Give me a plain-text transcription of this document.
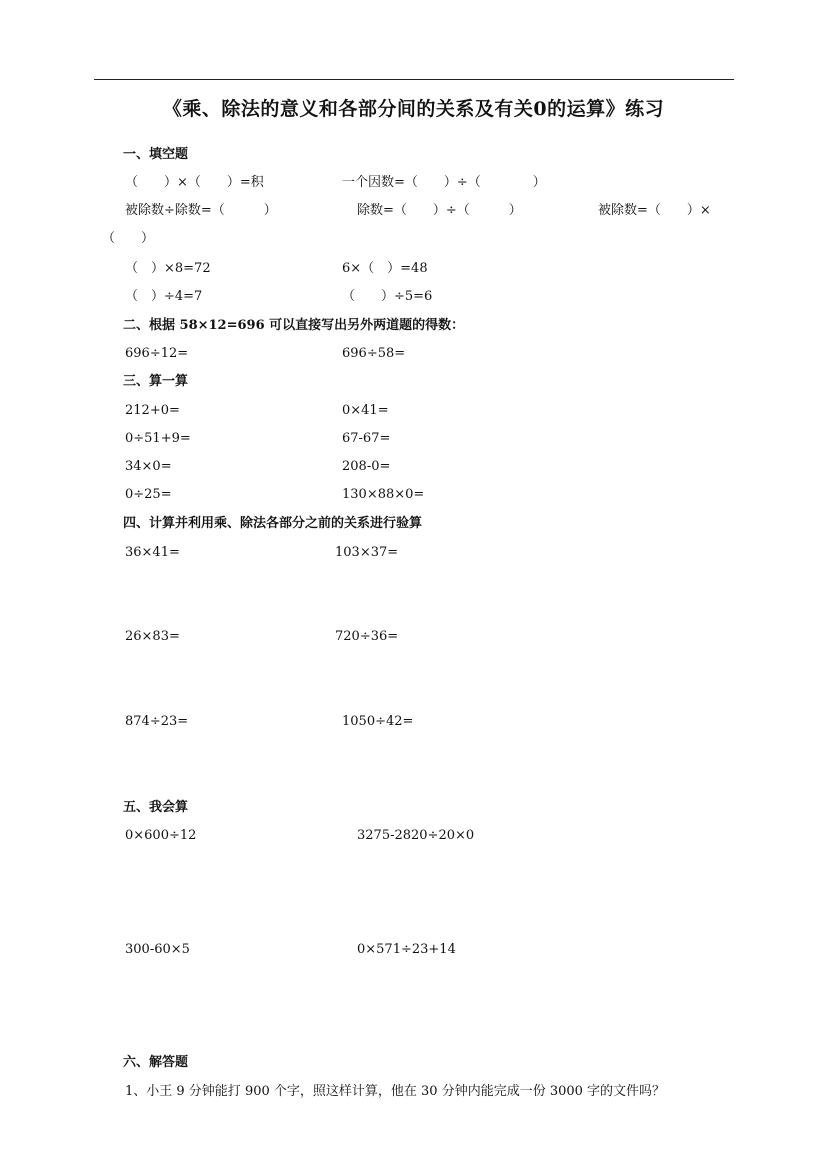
《乘、除法的意义和各部分间的关系及有关0的运算》练习
一、填空题
（　　）×（　　）=积	一个因数=（　　）÷（　　　　）
被除数÷除数=（　　　）	除数=（　　）÷（　　　）	被除数=（　　）×
（　　）
（　）×8=72	6×（　）=48
（　）÷4=7	（　　）÷5=6
二、根据 58×12=696 可以直接写出另外两道题的得数：
696÷12=	696÷58=
三、算一算
212+0=	0×41=
0÷51+9=	67-67=
34×0=	208-0=
0÷25=	130×88×0=
四、计算并利用乘、除法各部分之前的关系进行验算
36×41=	103×37=
26×83=	720÷36=
874÷23=	1050÷42=
五、我会算
0×600÷12	3275-2820÷20×0
300-60×5	0×571÷23+14
六、解答题
1、小王 9 分钟能打 900 个字，照这样计算，他在 30 分钟内能完成一份 3000 字的文件吗？
